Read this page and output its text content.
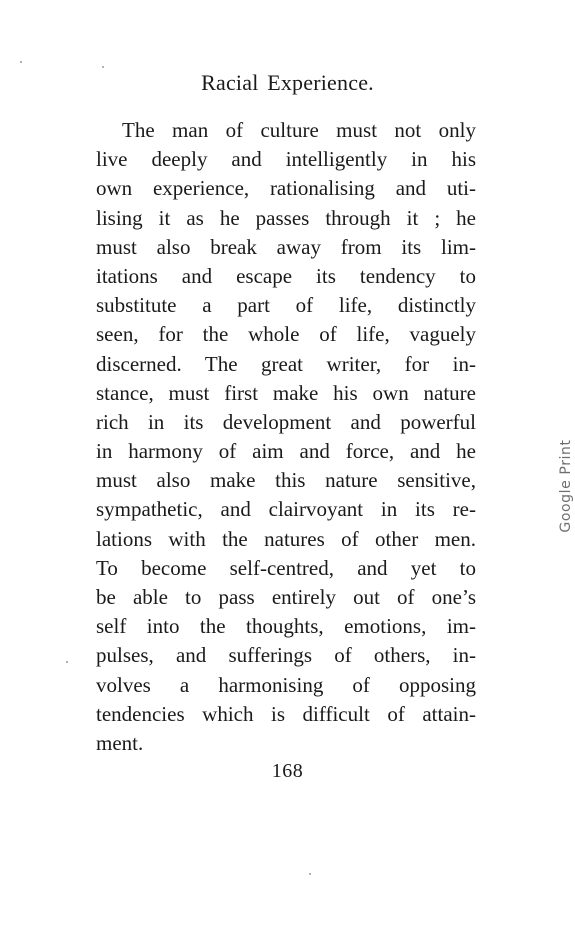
Racial Experience.
The man of culture must not only
live deeply and intelligently in his
own experience, rationalising and uti-
lising it as he passes through it ; he
must also break away from its lim-
itations and escape its tendency to
substitute a part of life, distinctly
seen, for the whole of life, vaguely
discerned. The great writer, for in-
stance, must first make his own nature
rich in its development and powerful
in harmony of aim and force, and he
must also make this nature sensitive,
sympathetic, and clairvoyant in its re-
lations with the natures of other men.
To become self-centred, and yet to
be able to pass entirely out of one’s
self into the thoughts, emotions, im-
pulses, and sufferings of others, in-
volves a harmonising of opposing
tendencies which is difficult of attain-
ment.
168
Google Print
